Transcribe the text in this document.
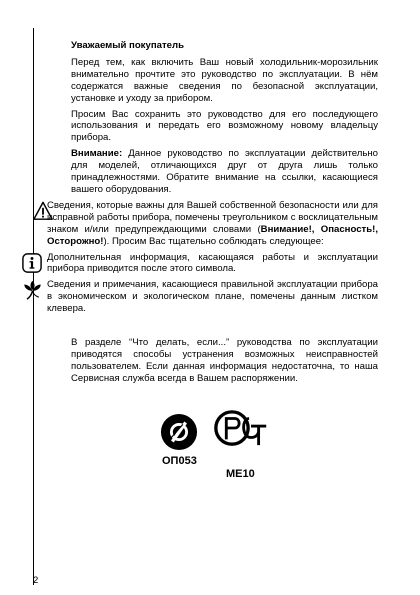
Уважаемый покупатель

Перед тем, как включить Ваш новый холодильник-морозильник внимательно прочтите это руководство по эксплуатации. В нём содержатся важные сведения по безопасной эксплуатации, установке и уходу за прибором.

Просим Вас сохранить это руководство для его последующего использования и передать его возможному новому владельцу прибора.

Внимание: Данное руководство по эксплуатации действительно для моделей, отличающихся друг от друга лишь только принадлежностями. Обратите внимание на ссылки, касающиеся вашего оборудования.

Сведения, которые важны для Вашей собственной безопасности или для исправной работы прибора, помечены треугольником с восклицательным знаком и/или предупреждающими словами (Внимание!, Опасность!, Осторожно!). Просим Вас тщательно соблюдать следующее:
Дополнительная информация, касающаяся работы и эксплуатации прибора приводится после этого символа.
Сведения и примечания, касающиеся правильной эксплуатации прибора в экономическом и экологическом плане, помечены данным листком клевера.

В разделе “Что делать, если...” руководства по эксплуатации приводятся способы устранения возможных неисправностей пользователем. Если данная информация недостаточна, то наша Сервисная служба всегда в Вашем распоряжении.

ОП053
МЕ10
2
